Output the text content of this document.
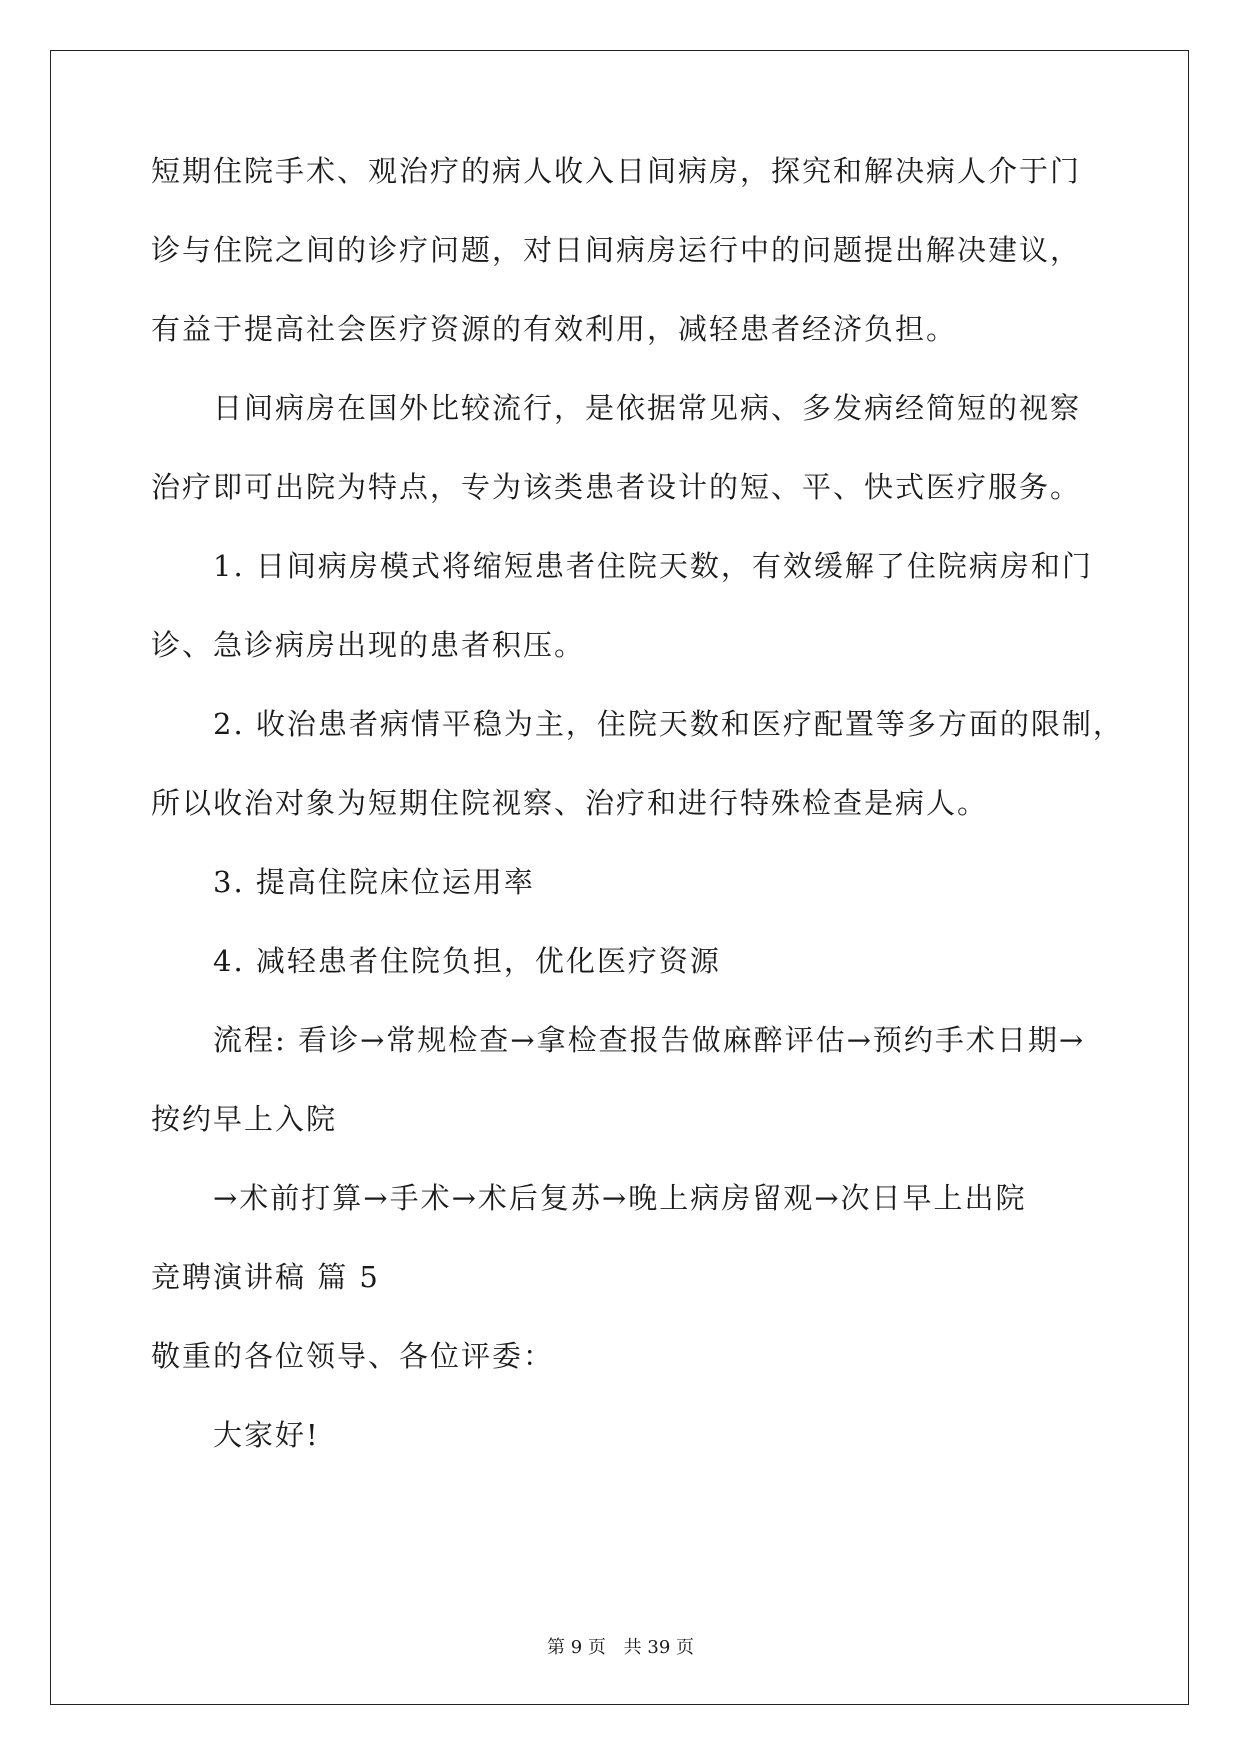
短期住院手术、观治疗的病人收入日间病房，探究和解决病人介于门
诊与住院之间的诊疗问题，对日间病房运行中的问题提出解决建议，
有益于提高社会医疗资源的有效利用，减轻患者经济负担。
日间病房在国外比较流行，是依据常见病、多发病经简短的视察
治疗即可出院为特点，专为该类患者设计的短、平、快式医疗服务。
1. 日间病房模式将缩短患者住院天数，有效缓解了住院病房和门
诊、急诊病房出现的患者积压。
2. 收治患者病情平稳为主，住院天数和医疗配置等多方面的限制，
所以收治对象为短期住院视察、治疗和进行特殊检查是病人。
3. 提高住院床位运用率
4. 减轻患者住院负担，优化医疗资源
流程: 看诊→常规检查→拿检查报告做麻醉评估→预约手术日期→
按约早上入院
→术前打算→手术→术后复苏→晚上病房留观→次日早上出院
竞聘演讲稿 篇 5
敬重的各位领导、各位评委：
大家好!
第 9 页 共 39 页
